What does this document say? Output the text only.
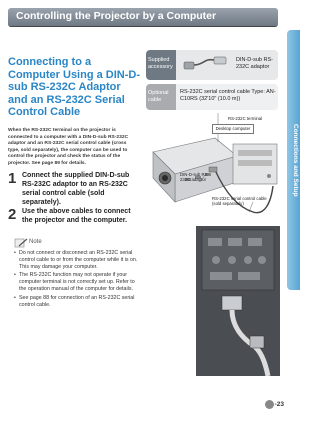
Controlling the Projector by a Computer
Connections and Setup
Connecting to a Computer Using a DIN-D-sub RS-232C Adaptor and an RS-232C Serial Control Cable

When the RS-232C terminal on the projector is connected to a computer with a DIN-D-sub RS-232C adaptor and an RS-232C serial control cable (cross type, sold separately), the computer can be used to control the projector and check the status of the projector. See page 89 for details.

1 Connect the supplied DIN-D-sub RS-232C adaptor to an RS-232C serial control cable (sold separately).
2 Use the above cables to connect the projector and the computer.
Note
• Do not connect or disconnect an RS-232C serial control cable to or from the computer while it is on. This may damage your computer.
• The RS-232C function may not operate if your computer terminal is not correctly set up. Refer to the operation manual of the computer for details.
• See page 88 for connection of an RS-232C serial control cable.
Supplied accessory
DIN-D-sub RS-232C adaptor
Optional cable
RS-232C serial control cable Type: AN-C10RS (32'10" (10.0 m))
RS-232C terminal
Desktop computer
DIN-D-sub RS-232C adaptor
RS-232C serial control cable (sold separately)
-23
